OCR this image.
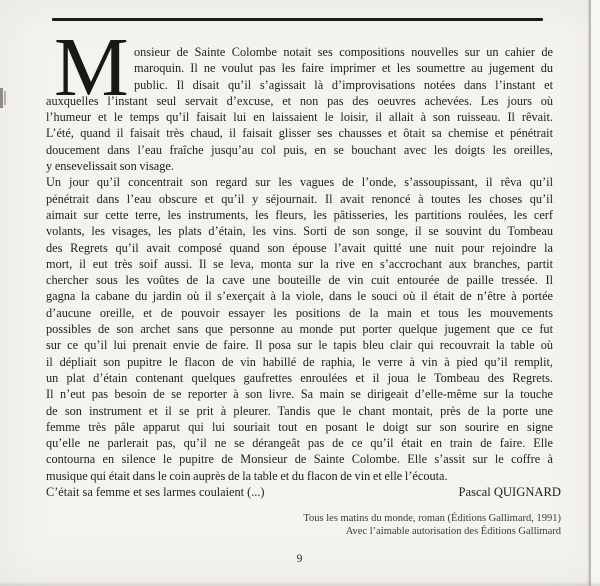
M onsieur de Sainte Colombe notait ses compositions nouvelles sur un cahier de
maroquin. Il ne voulut pas les faire imprimer et les soumettre au jugement du
public. Il disait qu’il s’agissait là d’improvisations notées dans l’instant et
auxquelles l’instant seul servait d’excuse, et non pas des oeuvres achevées. Les jours où
l’humeur et le temps qu’il faisait lui en laissaient le loisir, il allait à son ruisseau. Il rêvait.
L’été, quand il faisait très chaud, il faisait glisser ses chausses et ôtait sa chemise et pénétrait
doucement dans l’eau fraîche jusqu’au col puis, en se bouchant avec les doigts les oreilles,
y ensevelissait son visage.
Un jour qu’il concentrait son regard sur les vagues de l’onde, s’assoupissant, il rêva qu’il
pénétrait dans l’eau obscure et qu’il y séjournait. Il avait renoncé à toutes les choses qu’il
aimait sur cette terre, les instruments, les fleurs, les pâtisseries, les partitions roulées, les cerf
volants, les visages, les plats d’étain, les vins. Sorti de son songe, il se souvint du Tombeau
des Regrets qu’il avait composé quand son épouse l’avait quitté une nuit pour rejoindre la
mort, il eut très soif aussi. Il se leva, monta sur la rive en s’accrochant aux branches, partit
chercher sous les voûtes de la cave une bouteille de vin cuit entourée de paille tressée. Il
gagna la cabane du jardin où il s’exerçait à la viole, dans le souci où il était de n’être à portée
d’aucune oreille, et de pouvoir essayer les positions de la main et tous les mouvements
possibles de son archet sans que personne au monde put porter quelque jugement que ce fut
sur ce qu’il lui prenait envie de faire. Il posa sur le tapis bleu clair qui recouvrait la table où
il dépliait son pupitre le flacon de vin habillé de raphia, le verre à vin à pied qu’il remplit,
un plat d’étain contenant quelques gaufrettes enroulées et il joua le Tombeau des Regrets.
Il n’eut pas besoin de se reporter à son livre. Sa main se dirigeait d’elle-même sur la touche
de son instrument et il se prit à pleurer. Tandis que le chant montait, près de la porte une
femme très pâle apparut qui lui souriait tout en posant le doigt sur son sourire en signe
qu’elle ne parlerait pas, qu’il ne se dérangeât pas de ce qu’il était en train de faire. Elle
contourna en silence le pupitre de Monsieur de Sainte Colombe. Elle s’assit sur le coffre à
musique qui était dans le coin auprès de la table et du flacon de vin et elle l’écouta.
C’était sa femme et ses larmes coulaient (...)	Pascal QUIGNARD
Tous les matins du monde, roman (Éditions Gallimard, 1991)
Avec l’aimable autorisation des Éditions Gallimard
9
